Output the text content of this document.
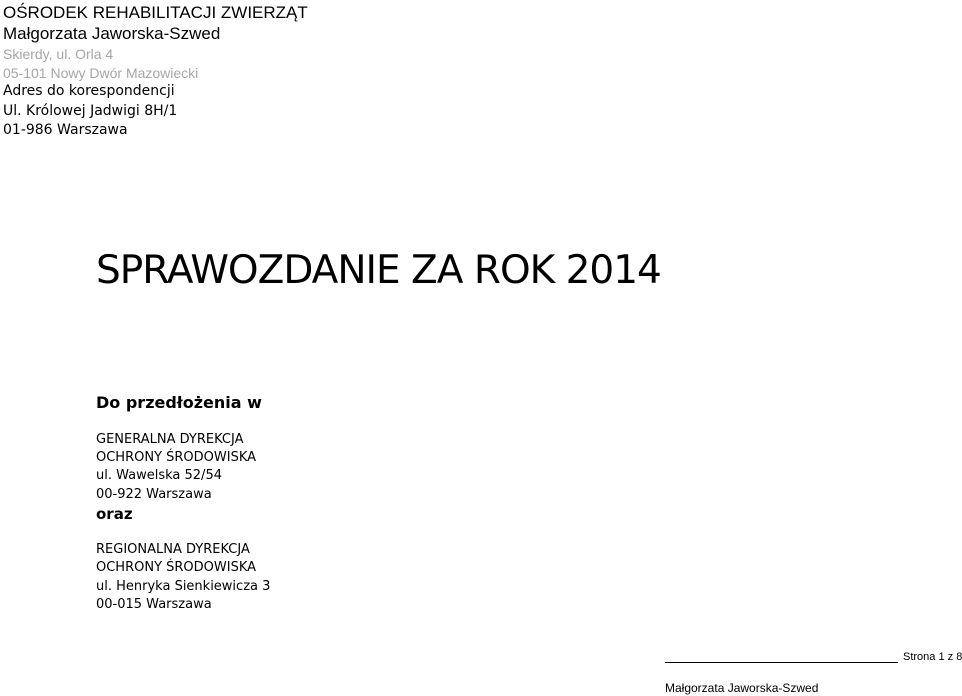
OŚRODEK REHABILITACJI ZWIERZĄT
Małgorzata Jaworska-Szwed
Skierdy, ul. Orla 4
05-101 Nowy Dwór Mazowiecki
Adres do korespondencji
Ul. Królowej Jadwigi 8H/1
01-986 Warszawa
SPRAWOZDANIE ZA ROK 2014
Do przedłożenia w
GENERALNA DYREKCJA
OCHRONY ŚRODOWISKA
ul. Wawelska 52/54
00-922 Warszawa
oraz
REGIONALNA DYREKCJA
OCHRONY ŚRODOWISKA
ul. Henryka Sienkiewicza 3
00-015 Warszawa
Strona 1 z 8
Małgorzata Jaworska-Szwed
